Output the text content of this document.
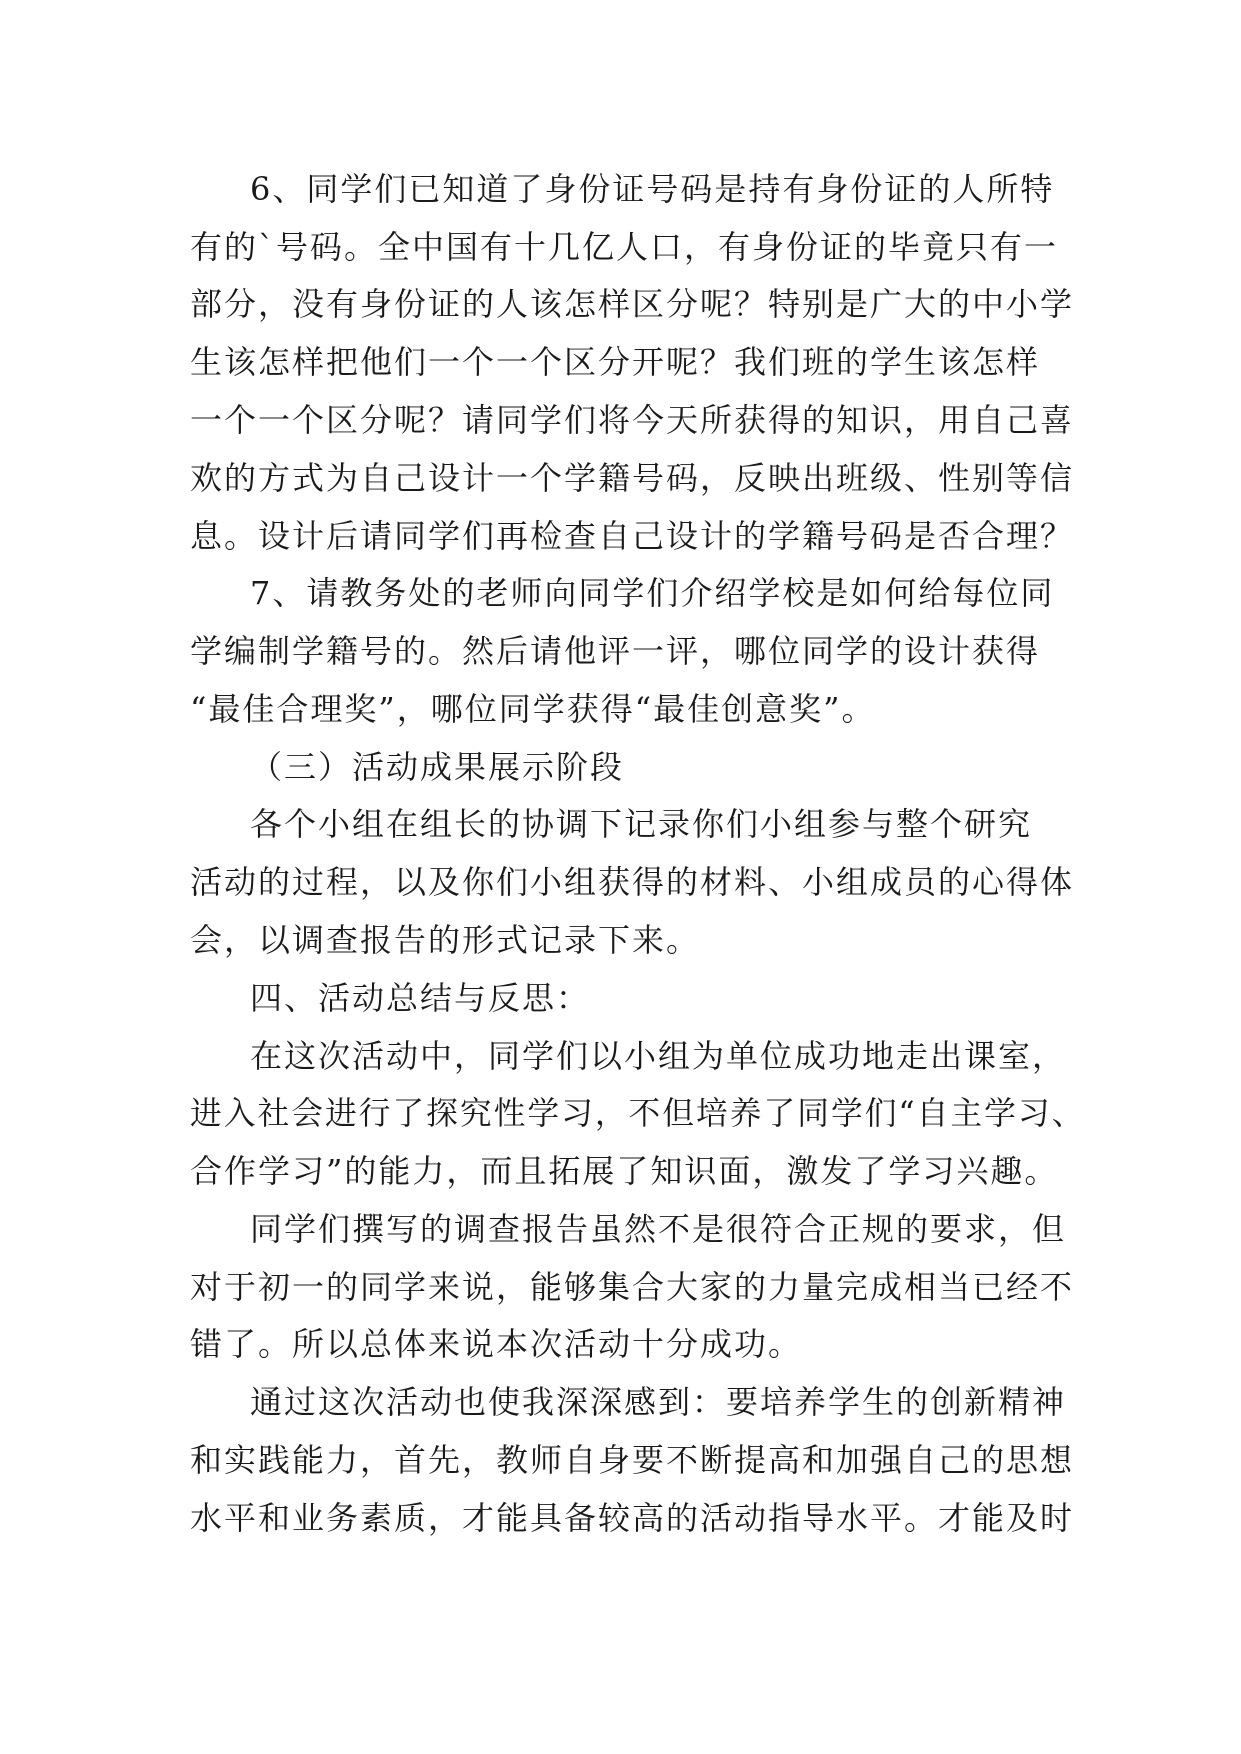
6、同学们已知道了身份证号码是持有身份证的人所特
有的`号码。全中国有十几亿人口，有身份证的毕竟只有一
部分，没有身份证的人该怎样区分呢？特别是广大的中小学
生该怎样把他们一个一个区分开呢？我们班的学生该怎样
一个一个区分呢？请同学们将今天所获得的知识，用自己喜
欢的方式为自己设计一个学籍号码，反映出班级、性别等信
息。设计后请同学们再检查自己设计的学籍号码是否合理？
7、请教务处的老师向同学们介绍学校是如何给每位同
学编制学籍号的。然后请他评一评，哪位同学的设计获得
“最佳合理奖”，哪位同学获得“最佳创意奖”。
（三）活动成果展示阶段
各个小组在组长的协调下记录你们小组参与整个研究
活动的过程，以及你们小组获得的材料、小组成员的心得体
会，以调查报告的形式记录下来。
四、活动总结与反思：
在这次活动中，同学们以小组为单位成功地走出课室，
进入社会进行了探究性学习，不但培养了同学们“自主学习、
合作学习”的能力，而且拓展了知识面，激发了学习兴趣。
同学们撰写的调查报告虽然不是很符合正规的要求，但
对于初一的同学来说，能够集合大家的力量完成相当已经不
错了。所以总体来说本次活动十分成功。
通过这次活动也使我深深感到：要培养学生的创新精神
和实践能力，首先，教师自身要不断提高和加强自己的思想
水平和业务素质，才能具备较高的活动指导水平。才能及时
